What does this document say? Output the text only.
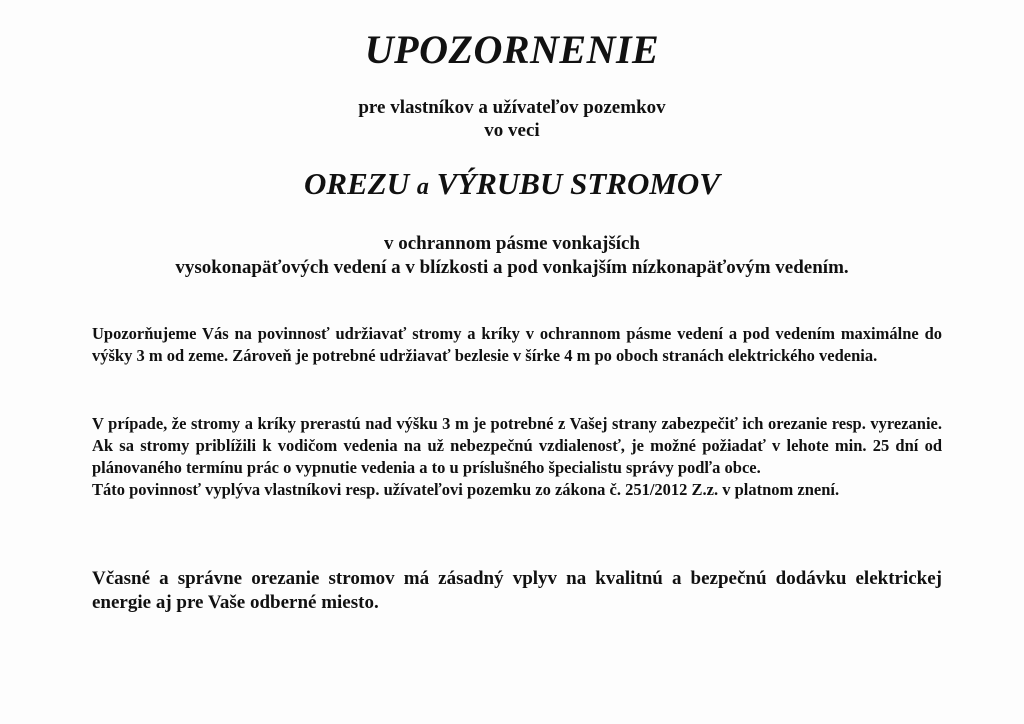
UPOZORNENIE
pre vlastníkov a užívateľov pozemkov
vo veci
OREZU a VÝRUBU STROMOV
v ochrannom pásme vonkajších
vysokonapäťových vedení a v blízkosti a pod vonkajším nízkonapäťovým vedením.

Upozorňujeme Vás na povinnosť udržiavať stromy a kríky v ochrannom pásme vedení a pod vedením maximálne do výšky 3 m od zeme. Zároveň je potrebné udržiavať bezlesie v šírke 4 m po oboch stranách elektrického vedenia.

V prípade, že stromy a kríky prerastú nad výšku 3 m je potrebné z Vašej strany zabezpečiť ich orezanie resp. vyrezanie. Ak sa stromy priblížili k vodičom vedenia na už nebezpečnú vzdialenosť, je možné požiadať v lehote min. 25 dní od plánovaného termínu prác o vypnutie vedenia a to u príslušného špecialistu správy podľa obce.

Táto povinnosť vyplýva vlastníkovi resp. užívateľovi pozemku zo zákona č. 251/2012 Z.z. v platnom znení.

Včasné a správne orezanie stromov má zásadný vplyv na kvalitnú a bezpečnú dodávku elektrickej energie aj pre Vaše odberné miesto.
